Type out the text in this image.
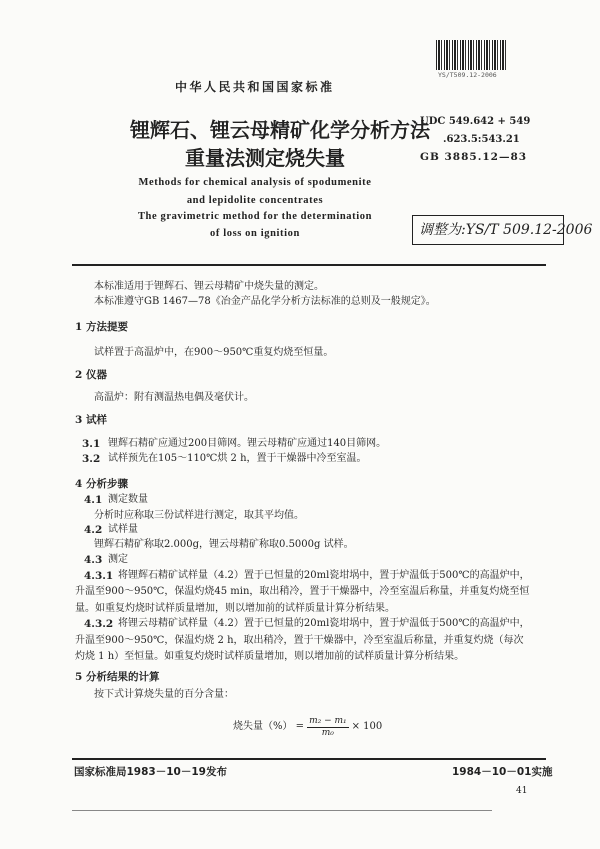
YS/T509.12-2006
中华人民共和国国家标准
锂辉石、锂云母精矿化学分析方法
重量法测定烧失量
UDC 549.642 + 549
.623.5:543.21
GB 3885.12—83
Methods for chemical analysis of spodumenite
and lepidolite concentrates
The gravimetric method for the determination
of loss on ignition	调整为:YS/T 509.12-2006
本标准适用于锂辉石、锂云母精矿中烧失量的测定。
本标准遵守GB 1467—78《冶金产品化学分析方法标准的总则及一般规定》。
1 方法提要
试样置于高温炉中，在900～950℃重复灼烧至恒量。
2 仪器
高温炉：附有测温热电偶及毫伏计。
3 试样
3.1 锂辉石精矿应通过200目筛网。锂云母精矿应通过140目筛网。
3.2 试样预先在105～110℃烘 2 h，置于干燥器中冷至室温。
4 分析步骤
4.1 测定数量
分析时应称取三份试样进行测定，取其平均值。
4.2 试样量
锂辉石精矿称取2.000g，锂云母精矿称取0.5000g 试样。
4.3 测定
4.3.1 将锂辉石精矿试样量（4.2）置于已恒量的20ml瓷坩埚中，置于炉温低于500℃的高温炉中，
升温至900～950℃，保温灼烧45 min，取出稍冷，置于干燥器中，冷至室温后称量，并重复灼烧至恒
量。如重复灼烧时试样质量增加，则以增加前的试样质量计算分析结果。
4.3.2 将锂云母精矿试样量（4.2）置于已恒量的20ml瓷坩埚中，置于炉温低于500℃的高温炉中，
升温至900～950℃，保温灼烧 2 h，取出稍冷，置于干燥器中，冷至室温后称量，并重复灼烧（每次
灼烧 1 h）至恒量。如重复灼烧时试样质量增加，则以增加前的试样质量计算分析结果。
5 分析结果的计算
按下式计算烧失量的百分含量：
烧失量（%） = $\frac{\text{m₂ − m₁}}{\text{m₀}} \times 100$
国家标准局1983－10－19发布	1984－10－01实施
41
